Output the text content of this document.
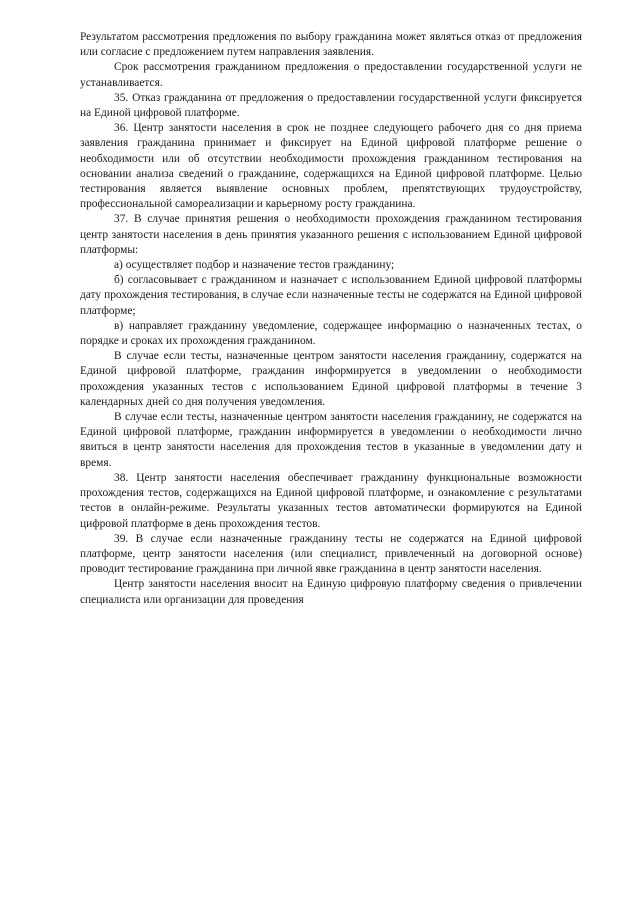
Результатом рассмотрения предложения по выбору гражданина может являться отказ от предложения или согласие с предложением путем направления заявления.

Срок рассмотрения гражданином предложения о предоставлении государственной услуги не устанавливается.

35. Отказ гражданина от предложения о предоставлении государственной услуги фиксируется на Единой цифровой платформе.

36. Центр занятости населения в срок не позднее следующего рабочего дня со дня приема заявления гражданина принимает и фиксирует на Единой цифровой платформе решение о необходимости или об отсутствии необходимости прохождения гражданином тестирования на основании анализа сведений о гражданине, содержащихся на Единой цифровой платформе. Целью тестирования является выявление основных проблем, препятствующих трудоустройству, профессиональной самореализации и карьерному росту гражданина.

37. В случае принятия решения о необходимости прохождения гражданином тестирования центр занятости населения в день принятия указанного решения с использованием Единой цифровой платформы:

а) осуществляет подбор и назначение тестов гражданину;

б) согласовывает с гражданином и назначает с использованием Единой цифровой платформы дату прохождения тестирования, в случае если назначенные тесты не содержатся на Единой цифровой платформе;

в) направляет гражданину уведомление, содержащее информацию о назначенных тестах, о порядке и сроках их прохождения гражданином.

В случае если тесты, назначенные центром занятости населения гражданину, содержатся на Единой цифровой платформе, гражданин информируется в уведомлении о необходимости прохождения указанных тестов с использованием Единой цифровой платформы в течение 3 календарных дней со дня получения уведомления.

В случае если тесты, назначенные центром занятости населения гражданину, не содержатся на Единой цифровой платформе, гражданин информируется в уведомлении о необходимости лично явиться в центр занятости населения для прохождения тестов в указанные в уведомлении дату и время.

38. Центр занятости населения обеспечивает гражданину функциональные возможности прохождения тестов, содержащихся на Единой цифровой платформе, и ознакомление с результатами тестов в онлайн-режиме. Результаты указанных тестов автоматически формируются на Единой цифровой платформе в день прохождения тестов.

39. В случае если назначенные гражданину тесты не содержатся на Единой цифровой платформе, центр занятости населения (или специалист, привлеченный на договорной основе) проводит тестирование гражданина при личной явке гражданина в центр занятости населения.

Центр занятости населения вносит на Единую цифровую платформу сведения о привлечении специалиста или организации для проведения
